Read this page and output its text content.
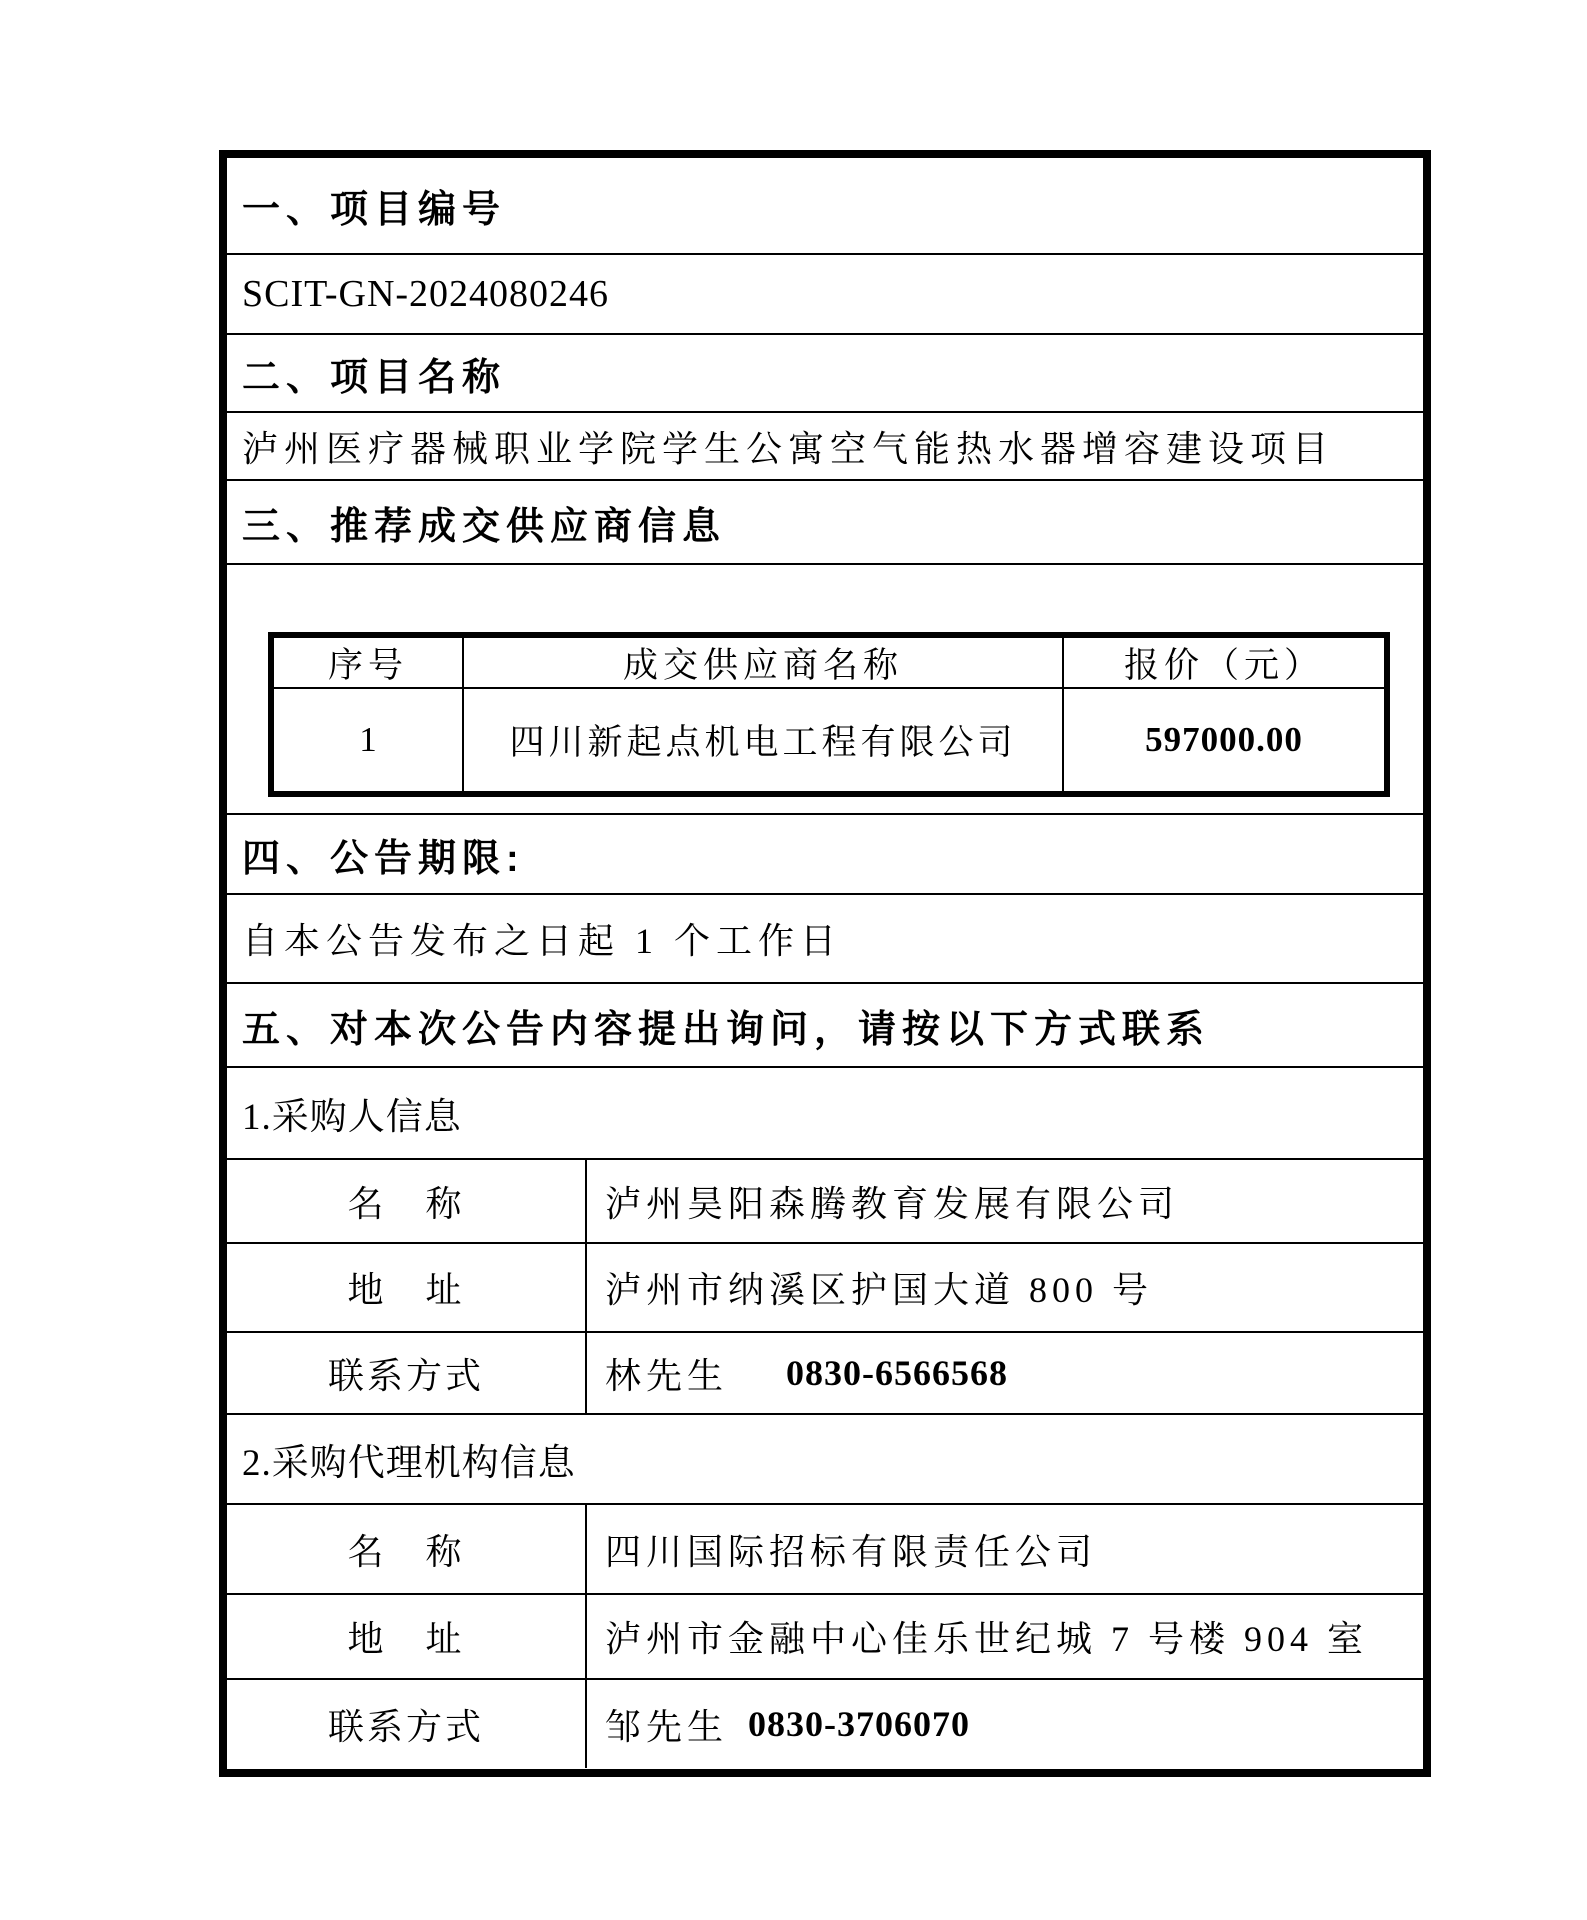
一、项目编号
SCIT-GN-2024080246
二、项目名称
泸州医疗器械职业学院学生公寓空气能热水器增容建设项目
三、推荐成交供应商信息
序号	成交供应商名称	报价（元）
1	四川新起点机电工程有限公司	597000.00
四、公告期限:
自本公告发布之日起 1 个工作日
五、对本次公告内容提出询问，请按以下方式联系
1.采购人信息
名　称	泸州昊阳森腾教育发展有限公司
地　址	泸州市纳溪区护国大道 800 号
联系方式	林先生 0830-6566568
2.采购代理机构信息
名　称	四川国际招标有限责任公司
地　址	泸州市金融中心佳乐世纪城 7 号楼 904 室
联系方式	邹先生 0830-3706070
